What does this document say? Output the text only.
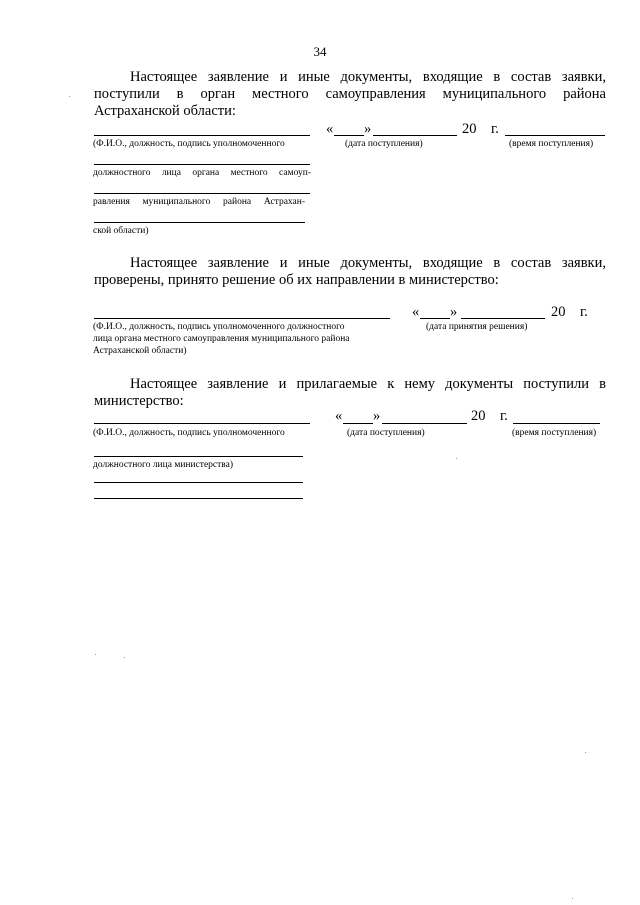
34
Настоящее заявление и иные документы, входящие в состав заявки, поступили в орган местного самоуправления муниципального района Астраханской области:
« »	20 г.
(Ф.И.О., должность, подпись уполномоченного	(дата поступления)	(время поступления)
должностного лица органа местного самоуп-
равления муниципального района Астрахан-
ской области)
Настоящее заявление и иные документы, входящие в состав заявки, проверены, принято решение об их направлении в министерство:
« »	20 г.
(Ф.И.О., должность, подпись уполномоченного должностного
лица органа местного самоуправления муниципального района
Астраханской области)
(дата принятия решения)
Настоящее заявление и прилагаемые к нему документы поступили в министерство:
« »	20 г.
(Ф.И.О., должность, подпись уполномоченного	(дата поступления)	(время поступления)
должностного лица министерства)
